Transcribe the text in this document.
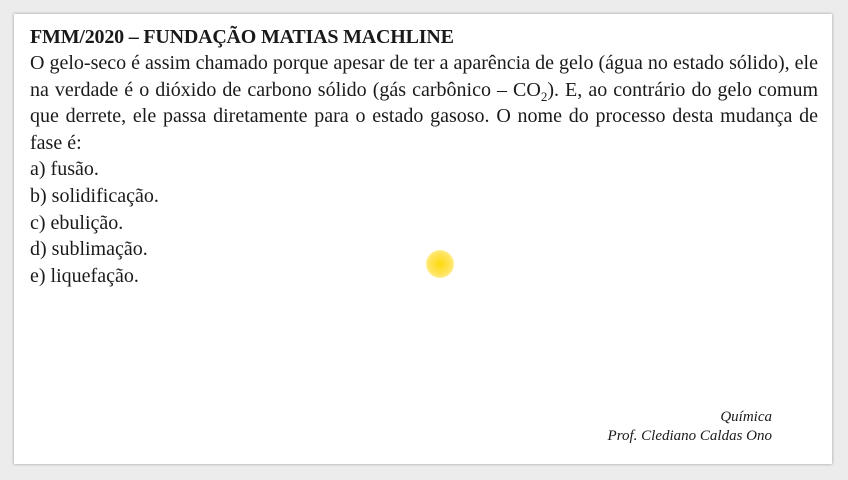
FMM/2020 – FUNDAÇÃO MATIAS MACHLINE

O gelo-seco é assim chamado porque apesar de ter a aparência de gelo (água no estado sólido), ele na verdade é o dióxido de carbono sólido (gás carbônico – $CO_2$). E, ao contrário do gelo comum que derrete, ele passa diretamente para o estado gasoso. O nome do processo desta mudança de fase é:

a) fusão.
b) solidificação.
c) ebulição.
d) sublimação.
e) liquefação.
Química
Prof. Clediano Caldas Ono
